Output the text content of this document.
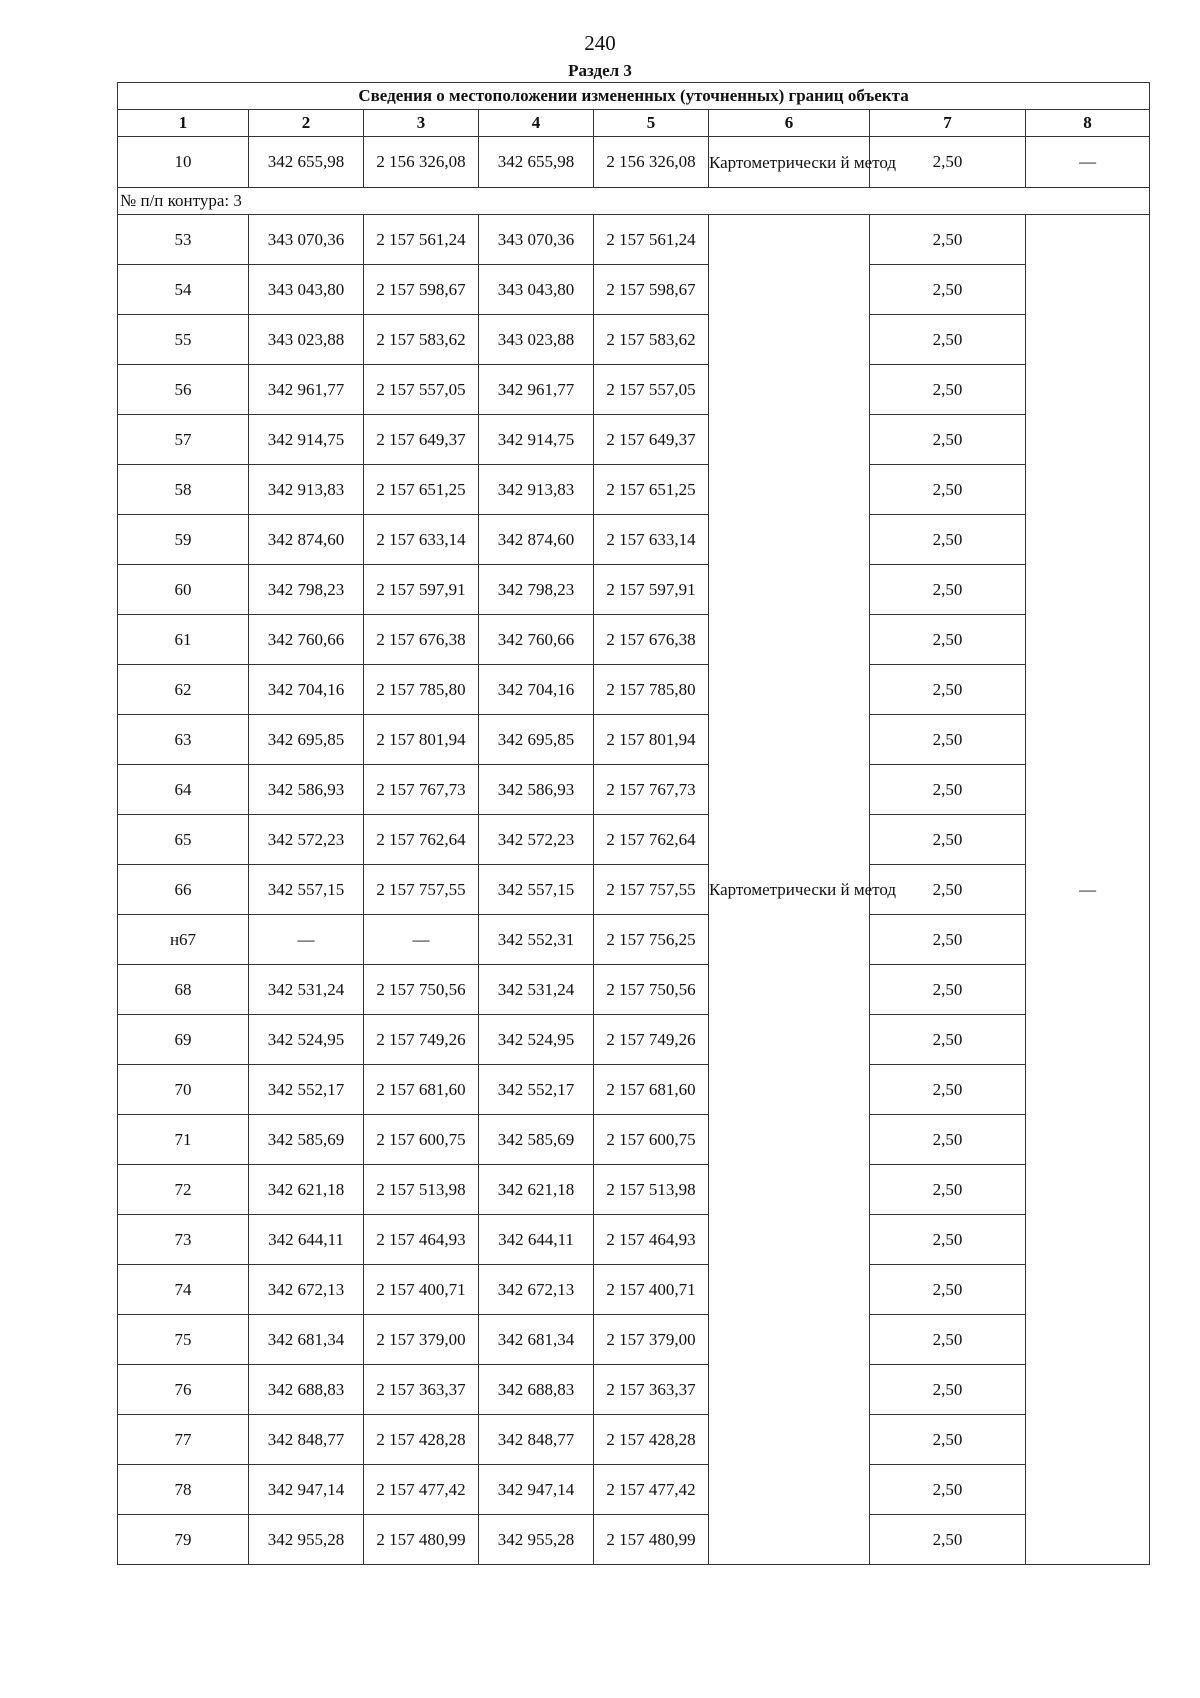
240
Раздел 3
Сведения о местоположении измененных (уточненных) границ объекта							
1	2	3	4	5	6	7	8
10	342 655,98	2 156 326,08	342 655,98	2 156 326,08	Картометрически й метод	2,50	—
№ п/п контура: 3							
53	343 070,36	2 157 561,24	343 070,36	2 157 561,24	Картометрически й метод	2,50	—
54	343 043,80	2 157 598,67	343 043,80	2 157 598,67		2,50	
55	343 023,88	2 157 583,62	343 023,88	2 157 583,62		2,50	
56	342 961,77	2 157 557,05	342 961,77	2 157 557,05		2,50	
57	342 914,75	2 157 649,37	342 914,75	2 157 649,37		2,50	
58	342 913,83	2 157 651,25	342 913,83	2 157 651,25		2,50	
59	342 874,60	2 157 633,14	342 874,60	2 157 633,14		2,50	
60	342 798,23	2 157 597,91	342 798,23	2 157 597,91		2,50	
61	342 760,66	2 157 676,38	342 760,66	2 157 676,38		2,50	
62	342 704,16	2 157 785,80	342 704,16	2 157 785,80		2,50	
63	342 695,85	2 157 801,94	342 695,85	2 157 801,94		2,50	
64	342 586,93	2 157 767,73	342 586,93	2 157 767,73		2,50	
65	342 572,23	2 157 762,64	342 572,23	2 157 762,64		2,50	
66	342 557,15	2 157 757,55	342 557,15	2 157 757,55		2,50	
н67	—	—	342 552,31	2 157 756,25		2,50	
68	342 531,24	2 157 750,56	342 531,24	2 157 750,56		2,50	
69	342 524,95	2 157 749,26	342 524,95	2 157 749,26		2,50	
70	342 552,17	2 157 681,60	342 552,17	2 157 681,60		2,50	
71	342 585,69	2 157 600,75	342 585,69	2 157 600,75		2,50	
72	342 621,18	2 157 513,98	342 621,18	2 157 513,98		2,50	
73	342 644,11	2 157 464,93	342 644,11	2 157 464,93		2,50	
74	342 672,13	2 157 400,71	342 672,13	2 157 400,71		2,50	
75	342 681,34	2 157 379,00	342 681,34	2 157 379,00		2,50	
76	342 688,83	2 157 363,37	342 688,83	2 157 363,37		2,50	
77	342 848,77	2 157 428,28	342 848,77	2 157 428,28		2,50	
78	342 947,14	2 157 477,42	342 947,14	2 157 477,42		2,50	
79	342 955,28	2 157 480,99	342 955,28	2 157 480,99		2,50	
